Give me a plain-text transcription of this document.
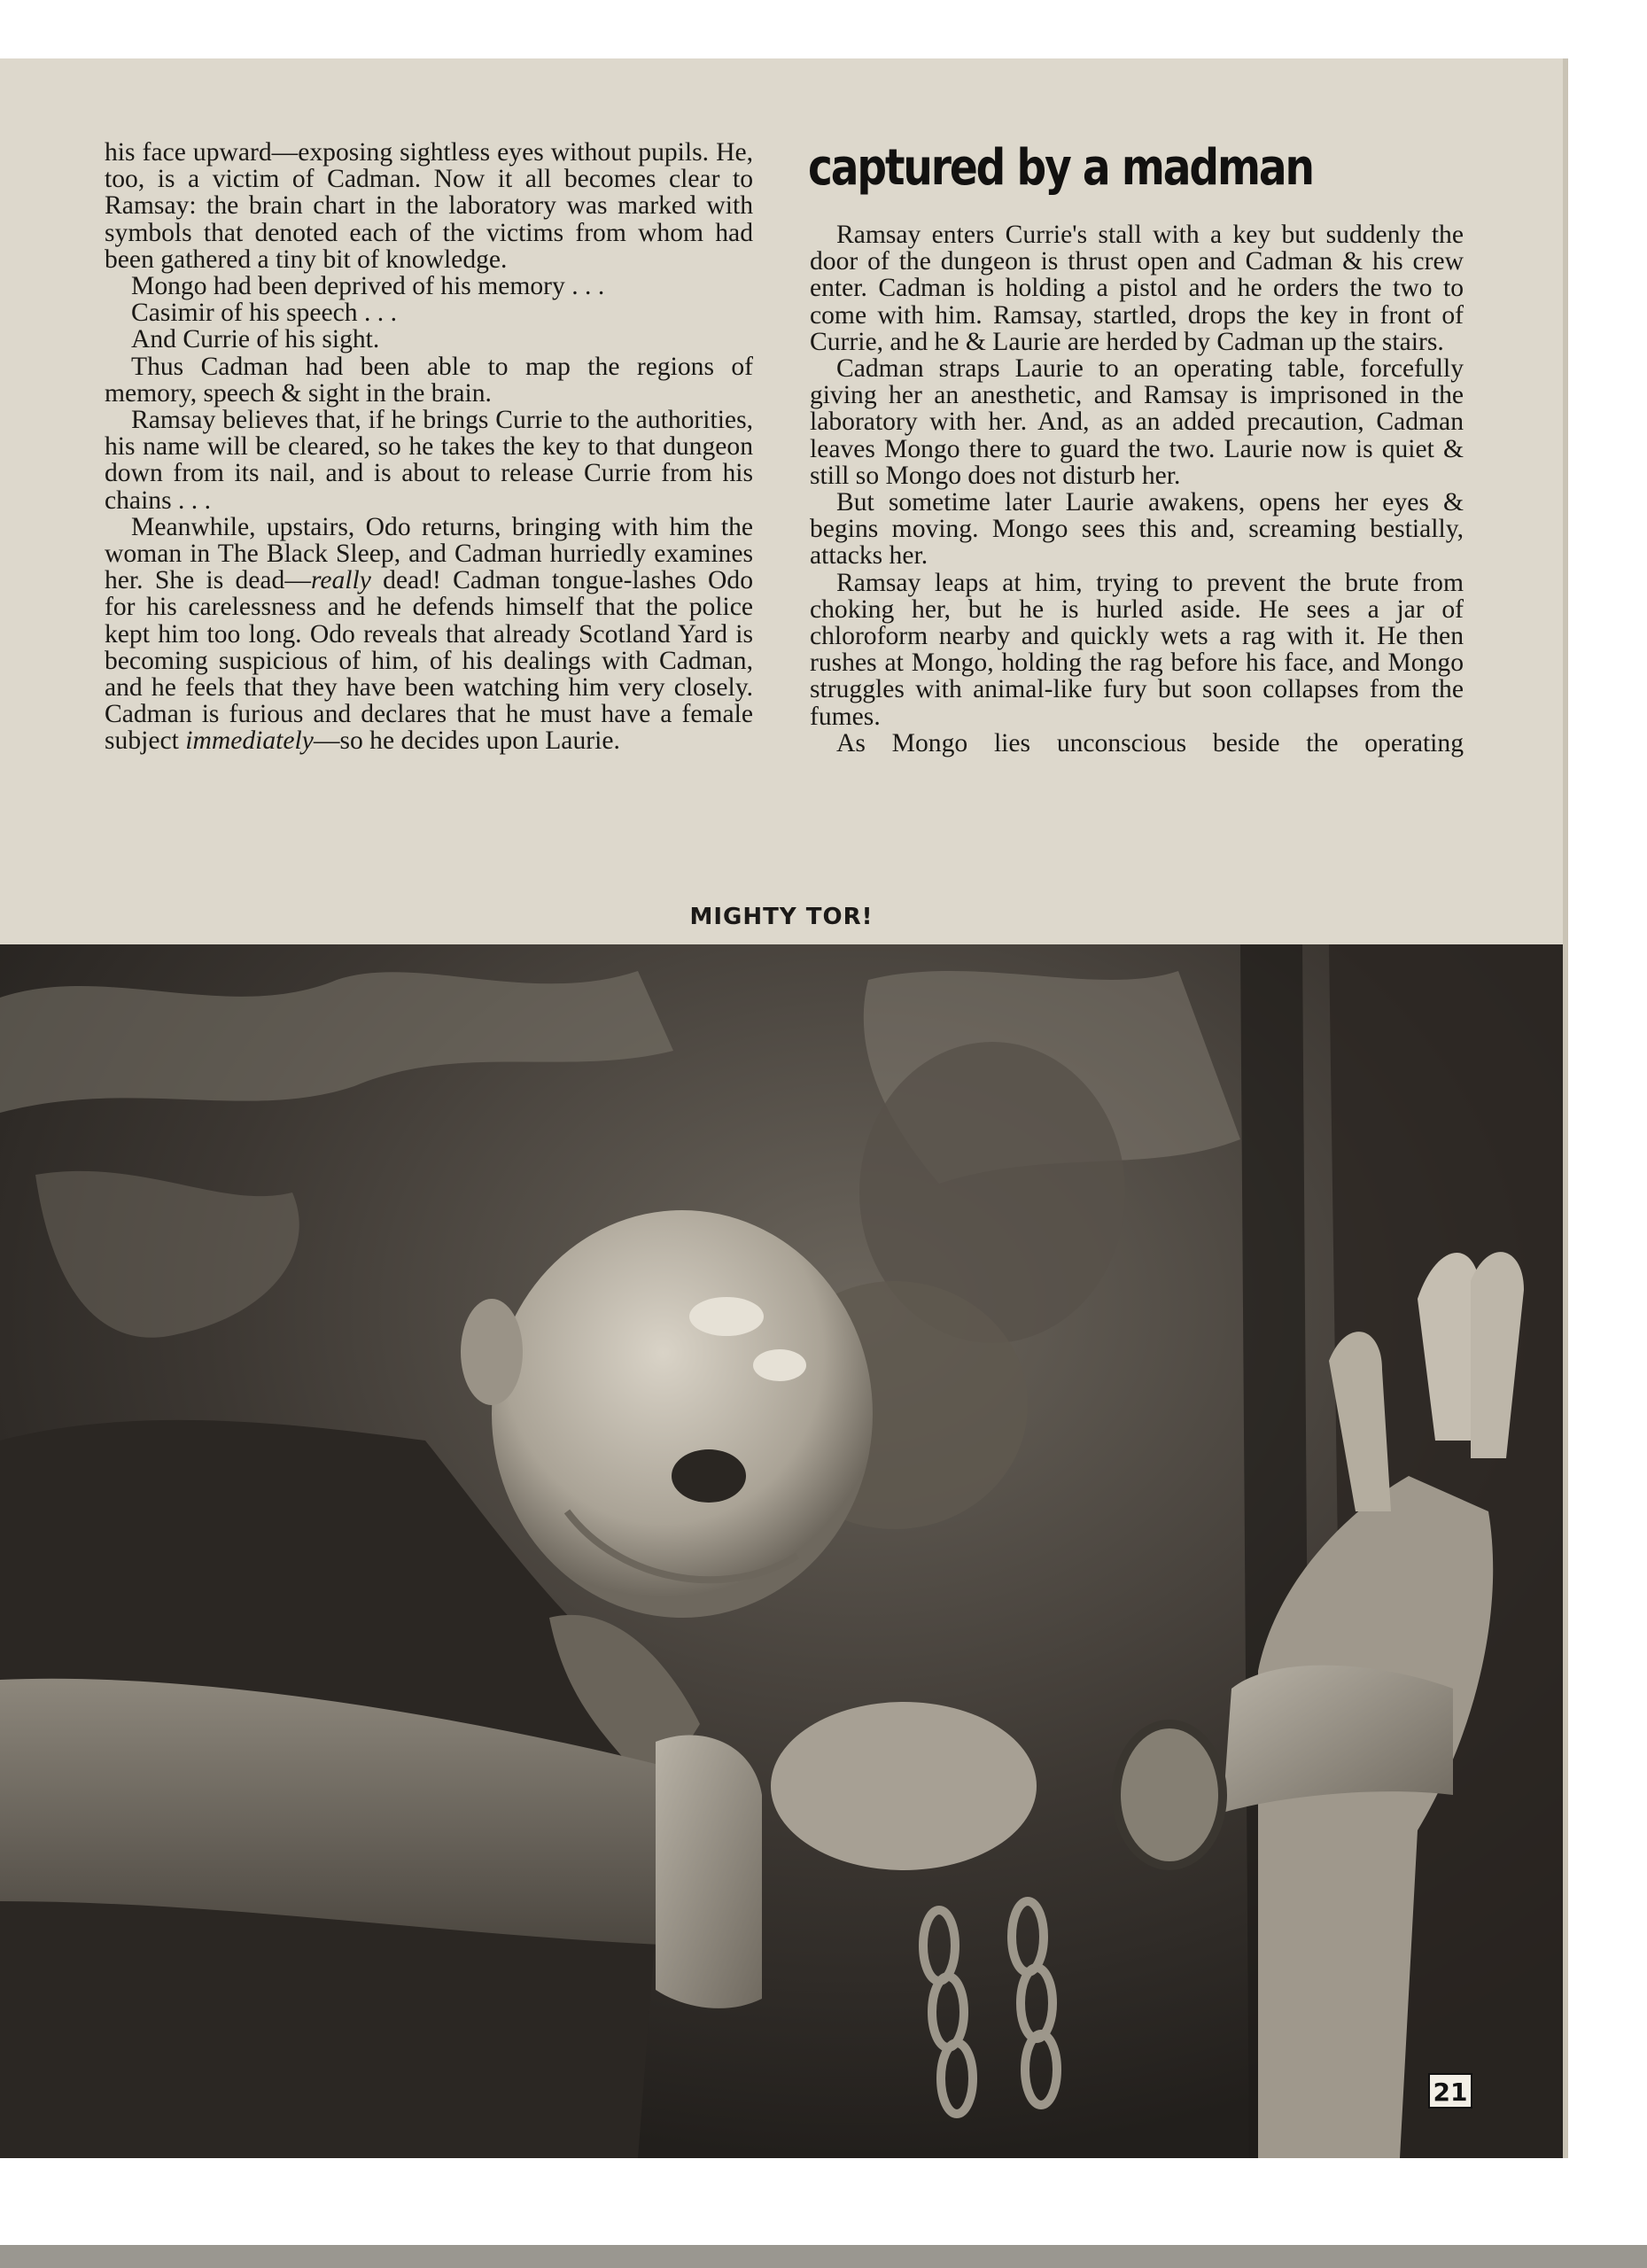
his face upward—exposing sightless eyes without pupils. He, too, is a victim of Cadman. Now it all becomes clear to Ramsay: the brain chart in the laboratory was marked with symbols that denoted each of the victims from whom had been gathered a tiny bit of knowledge.

Mongo had been deprived of his memory . . .

Casimir of his speech . . .

And Currie of his sight.

Thus Cadman had been able to map the regions of memory, speech & sight in the brain.

Ramsay believes that, if he brings Currie to the authorities, his name will be cleared, so he takes the key to that dungeon down from its nail, and is about to release Currie from his chains . . .

Meanwhile, upstairs, Odo returns, bringing with him the woman in The Black Sleep, and Cadman hurriedly examines her. She is dead—really dead! Cadman tongue-lashes Odo for his carelessness and he defends himself that the police kept him too long. Odo reveals that already Scotland Yard is becoming suspicious of him, of his dealings with Cadman, and he feels that they have been watching him very closely. Cadman is furious and declares that he must have a female subject immediately—so he decides upon Laurie.

captured by a madman

Ramsay enters Currie's stall with a key but suddenly the door of the dungeon is thrust open and Cadman & his crew enter. Cadman is holding a pistol and he orders the two to come with him. Ramsay, startled, drops the key in front of Currie, and he & Laurie are herded by Cadman up the stairs.

Cadman straps Laurie to an operating table, forcefully giving her an anesthetic, and Ramsay is imprisoned in the laboratory with her. And, as an added precaution, Cadman leaves Mongo there to guard the two. Laurie now is quiet & still so Mongo does not disturb her.

But sometime later Laurie awakens, opens her eyes & begins moving. Mongo sees this and, screaming bestially, attacks her.

Ramsay leaps at him, trying to prevent the brute from choking her, but he is hurled aside. He sees a jar of chloroform nearby and quickly wets a rag with it. He then rushes at Mongo, holding the rag before his face, and Mongo struggles with animal-like fury but soon collapses from the fumes.

As Mongo lies unconscious beside the operating

MIGHTY TOR!
21
